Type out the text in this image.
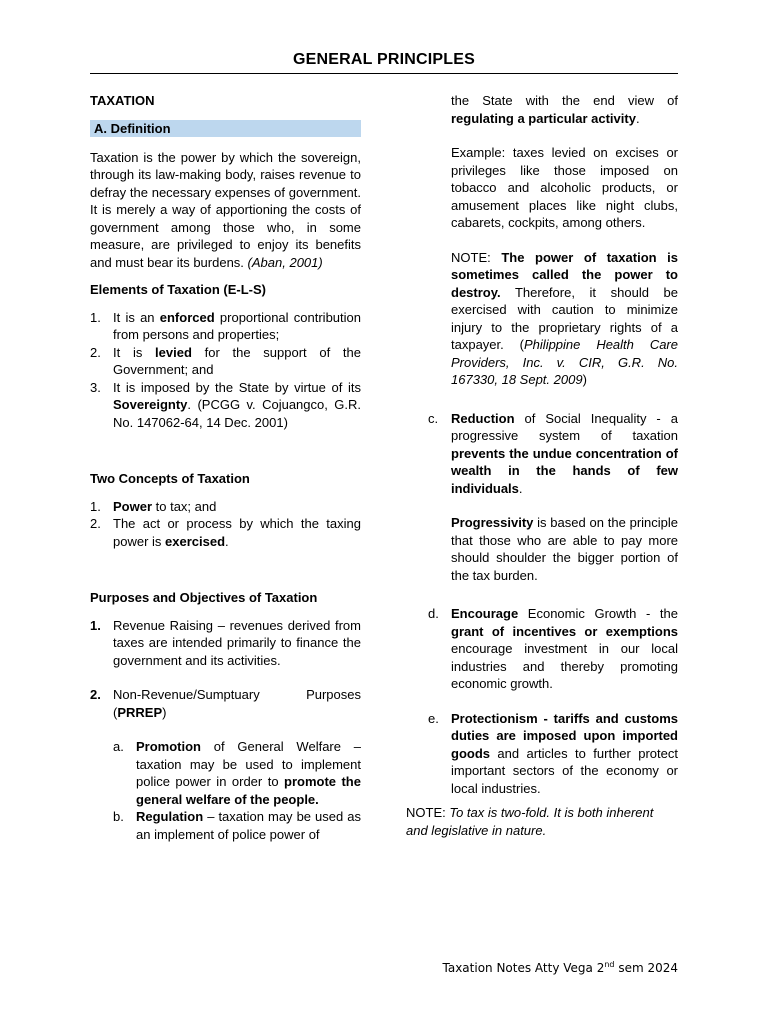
GENERAL PRINCIPLES

TAXATION

A. Definition

Taxation is the power by which the sovereign, through its law-making body, raises revenue to defray the necessary expenses of government. It is merely a way of apportioning the costs of government among those who, in some measure, are privileged to enjoy its benefits and must bear its burdens. (Aban, 2001)

Elements of Taxation (E-L-S)

1. It is an enforced proportional contribution from persons and properties;
2. It is levied for the support of the Government; and
3. It is imposed by the State by virtue of its Sovereignty. (PCGG v. Cojuangco, G.R. No. 147062-64, 14 Dec. 2001)

Two Concepts of Taxation

1. Power to tax; and
2. The act or process by which the taxing power is exercised.

Purposes and Objectives of Taxation

1. Revenue Raising – revenues derived from taxes are intended primarily to finance the government and its activities.
2. Non-Revenue/Sumptuary Purposes
(PRREP)
a. Promotion of General Welfare – taxation may be used to implement police power in order to promote the general welfare of the people.
b. Regulation – taxation may be used as an implement of police power of

the State with the end view of regulating a particular activity.

Example: taxes levied on excises or privileges like those imposed on tobacco and alcoholic products, or amusement places like night clubs, cabarets, cockpits, among others.

NOTE: The power of taxation is sometimes called the power to destroy. Therefore, it should be exercised with caution to minimize injury to the proprietary rights of a taxpayer. (Philippine Health Care Providers, Inc. v. CIR, G.R. No. 167330, 18 Sept. 2009)

c. Reduction of Social Inequality - a progressive system of taxation prevents the undue concentration of wealth in the hands of few individuals.

Progressivity is based on the principle that those who are able to pay more should shoulder the bigger portion of the tax burden.

d. Encourage Economic Growth - the grant of incentives or exemptions encourage investment in our local industries and thereby promoting economic growth.
e. Protectionism - tariffs and customs duties are imposed upon imported goods and articles to further protect important sectors of the economy or local industries.

NOTE: To tax is two-fold. It is both inherent and legislative in nature.

Taxation Notes Atty Vega 2nd sem 2024
